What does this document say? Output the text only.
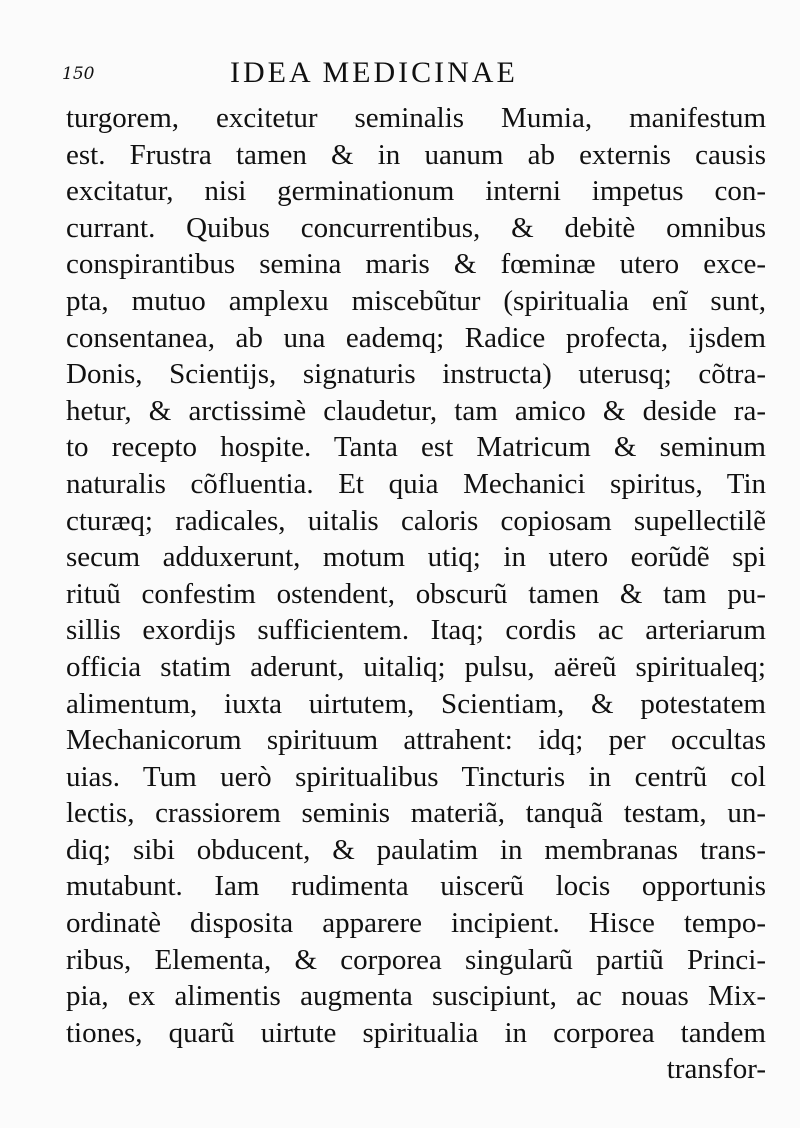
150	IDEA MEDICINAE
turgorem, excitetur seminalis Mumia, manifestum
est. Frustra tamen & in uanum ab externis causis
excitatur, nisi germinationum interni impetus con-
currant. Quibus concurrentibus, & debitè omnibus
conspirantibus semina maris & fœminæ utero exce-
pta, mutuo amplexu miscebũtur (spiritualia enĩ sunt,
consentanea, ab una eademq; Radice profecta, ijsdem
Donis, Scientijs, signaturis instructa) uterusq; cõtra-
hetur, & arctissimè claudetur, tam amico & deside ra-
to recepto hospite. Tanta est Matricum & seminum
naturalis cõfluentia. Et quia Mechanici spiritus, Tin
cturæq; radicales, uitalis caloris copiosam supellectilẽ
secum adduxerunt, motum utiq; in utero eorũdẽ spi
rituũ confestim ostendent, obscurũ tamen & tam pu-
sillis exordijs sufficientem. Itaq; cordis ac arteriarum
officia statim aderunt, uitaliq; pulsu, aëreũ spiritualeq;
alimentum, iuxta uirtutem, Scientiam, & potestatem
Mechanicorum spirituum attrahent: idq; per occultas
uias. Tum uerò spiritualibus Tincturis in centrũ col
lectis, crassiorem seminis materiã, tanquã testam, un-
diq; sibi obducent, & paulatim in membranas trans-
mutabunt. Iam rudimenta uiscerũ locis opportunis
ordinatè disposita apparere incipient. Hisce tempo-
ribus, Elementa, & corporea singularũ partiũ Princi-
pia, ex alimentis augmenta suscipiunt, ac nouas Mix-
tiones, quarũ uirtute spiritualia in corporea tandem
transfor-
